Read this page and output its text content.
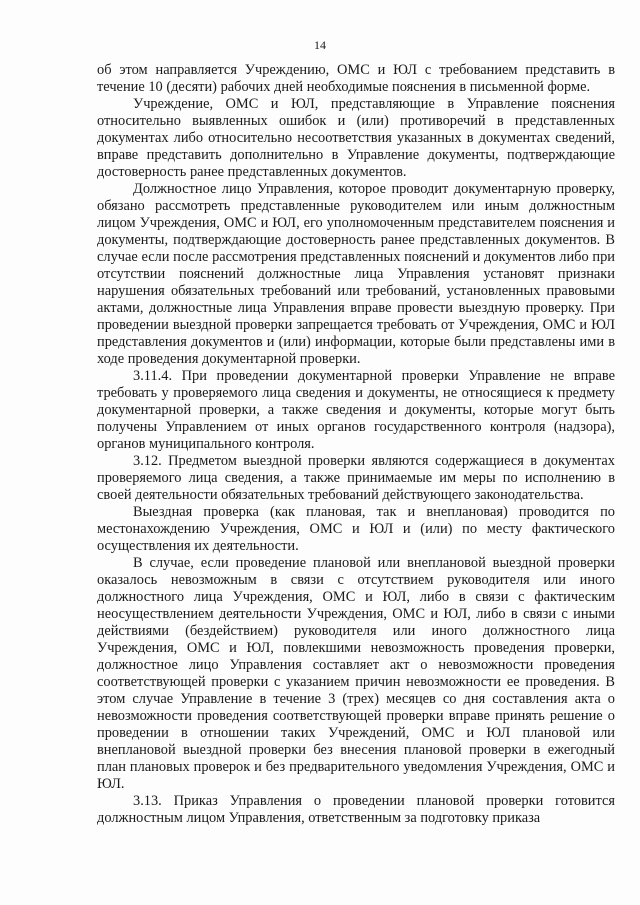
14

об этом направляется Учреждению, ОМС и ЮЛ с требованием представить в течение 10 (десяти) рабочих дней необходимые пояснения в письменной форме.

Учреждение, ОМС и ЮЛ, представляющие в Управление пояснения относительно выявленных ошибок и (или) противоречий в представленных документах либо относительно несоответствия указанных в документах сведений, вправе представить дополнительно в Управление документы, подтверждающие достоверность ранее представленных документов.

Должностное лицо Управления, которое проводит документарную проверку, обязано рассмотреть представленные руководителем или иным должностным лицом Учреждения, ОМС и ЮЛ, его уполномоченным представителем пояснения и документы, подтверждающие достоверность ранее представленных документов. В случае если после рассмотрения представленных пояснений и документов либо при отсутствии пояснений должностные лица Управления установят признаки нарушения обязательных требований или требований, установленных правовыми актами, должностные лица Управления вправе провести выездную проверку. При проведении выездной проверки запрещается требовать от Учреждения, ОМС и ЮЛ представления документов и (или) информации, которые были представлены ими в ходе проведения документарной проверки.

3.11.4. При проведении документарной проверки Управление не вправе требовать у проверяемого лица сведения и документы, не относящиеся к предмету документарной проверки, а также сведения и документы, которые могут быть получены Управлением от иных органов государственного контроля (надзора), органов муниципального контроля.

3.12. Предметом выездной проверки являются содержащиеся в документах проверяемого лица сведения, а также принимаемые им меры по исполнению в своей деятельности обязательных требований действующего законодательства.

Выездная проверка (как плановая, так и внеплановая) проводится по местонахождению Учреждения, ОМС и ЮЛ и (или) по месту фактического осуществления их деятельности.

В случае, если проведение плановой или внеплановой выездной проверки оказалось невозможным в связи с отсутствием руководителя или иного должностного лица Учреждения, ОМС и ЮЛ, либо в связи с фактическим неосуществлением деятельности Учреждения, ОМС и ЮЛ, либо в связи с иными действиями (бездействием) руководителя или иного должностного лица Учреждения, ОМС и ЮЛ, повлекшими невозможность проведения проверки, должностное лицо Управления составляет акт о невозможности проведения соответствующей проверки с указанием причин невозможности ее проведения. В этом случае Управление в течение 3 (трех) месяцев со дня составления акта о невозможности проведения соответствующей проверки вправе принять решение о проведении в отношении таких Учреждений, ОМС и ЮЛ плановой или внеплановой выездной проверки без внесения плановой проверки в ежегодный план плановых проверок и без предварительного уведомления Учреждения, ОМС и ЮЛ.

3.13. Приказ Управления о проведении плановой проверки готовится должностным лицом Управления, ответственным за подготовку приказа
